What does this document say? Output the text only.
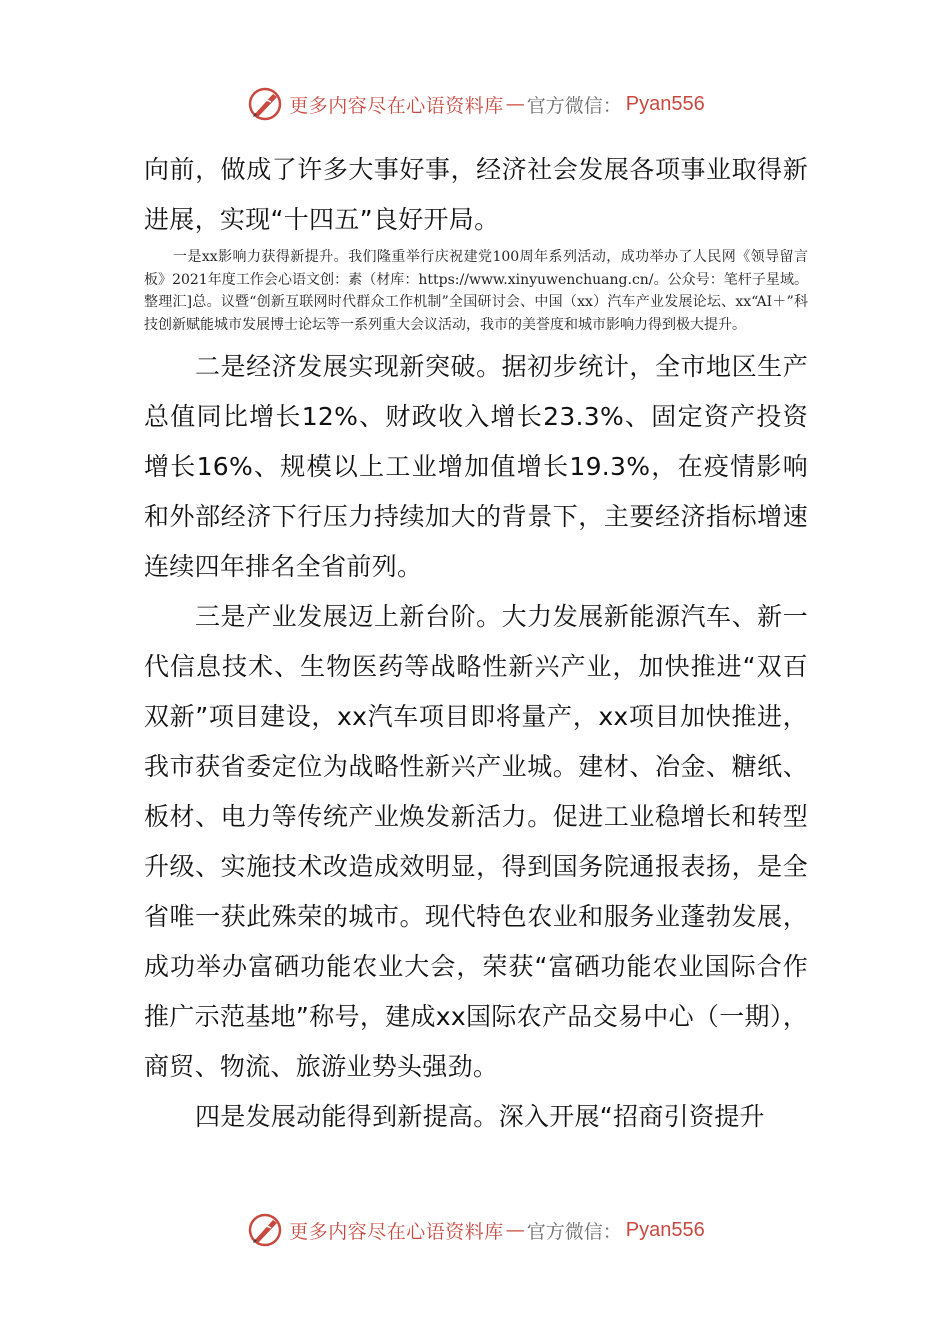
更多内容尽在心语资料库 — 官方微信： Pyan556

向前，做成了许多大事好事，经济社会发展各项事业取得新进展，实现“十四五”良好开局。

一是xx影响力获得新提升。我们隆重举行庆祝建党100周年系列活动，成功举办了人民网《领导留言板》2021年度工作会心语文创：素（材库：https://www.xinyuwenchuang.cn/。公众号：笔杆子星域。整理汇]总。议暨“创新互联网时代群众工作机制”全国研讨会、中国（xx）汽车产业发展论坛、xx“AI＋”科技创新赋能城市发展博士论坛等一系列重大会议活动，我市的美誉度和城市影响力得到极大提升。

二是经济发展实现新突破。据初步统计，全市地区生产总值同比增长12%、财政收入增长23.3%、固定资产投资增长16%、规模以上工业增加值增长19.3%，在疫情影响和外部经济下行压力持续加大的背景下，主要经济指标增速连续四年排名全省前列。

三是产业发展迈上新台阶。大力发展新能源汽车、新一代信息技术、生物医药等战略性新兴产业，加快推进“双百双新”项目建设，xx汽车项目即将量产，xx项目加快推进，我市获省委定位为战略性新兴产业城。建材、冶金、糖纸、板材、电力等传统产业焕发新活力。促进工业稳增长和转型升级、实施技术改造成效明显，得到国务院通报表扬，是全省唯一获此殊荣的城市。现代特色农业和服务业蓬勃发展，成功举办富硒功能农业大会，荣获“富硒功能农业国际合作推广示范基地”称号，建成xx国际农产品交易中心（一期），商贸、物流、旅游业势头强劲。

四是发展动能得到新提高。深入开展“招商引资提升

更多内容尽在心语资料库 — 官方微信： Pyan556
